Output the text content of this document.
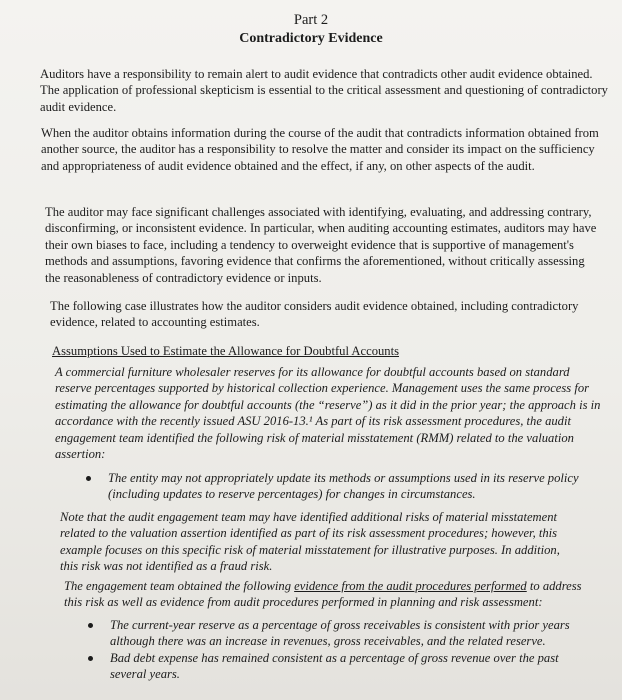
Part 2
Contradictory Evidence
Auditors have a responsibility to remain alert to audit evidence that contradicts other audit evidence obtained. The application of professional skepticism is essential to the critical assessment and questioning of contradictory audit evidence.
When the auditor obtains information during the course of the audit that contradicts information obtained from another source, the auditor has a responsibility to resolve the matter and consider its impact on the sufficiency and appropriateness of audit evidence obtained and the effect, if any, on other aspects of the audit.
The auditor may face significant challenges associated with identifying, evaluating, and addressing contrary, disconfirming, or inconsistent evidence. In particular, when auditing accounting estimates, auditors may have their own biases to face, including a tendency to overweight evidence that is supportive of management's methods and assumptions, favoring evidence that confirms the aforementioned, without critically assessing the reasonableness of contradictory evidence or inputs.
The following case illustrates how the auditor considers audit evidence obtained, including contradictory evidence, related to accounting estimates.
Assumptions Used to Estimate the Allowance for Doubtful Accounts
A commercial furniture wholesaler reserves for its allowance for doubtful accounts based on standard reserve percentages supported by historical collection experience. Management uses the same process for estimating the allowance for doubtful accounts (the “reserve”) as it did in the prior year; the approach is in accordance with the recently issued ASU 2016-13.¹ As part of its risk assessment procedures, the audit engagement team identified the following risk of material misstatement (RMM) related to the valuation assertion:
The entity may not appropriately update its methods or assumptions used in its reserve policy (including updates to reserve percentages) for changes in circumstances.
Note that the audit engagement team may have identified additional risks of material misstatement related to the valuation assertion identified as part of its risk assessment procedures; however, this example focuses on this specific risk of material misstatement for illustrative purposes. In addition, this risk was not identified as a fraud risk.
The engagement team obtained the following evidence from the audit procedures performed to address this risk as well as evidence from audit procedures performed in planning and risk assessment:
The current-year reserve as a percentage of gross receivables is consistent with prior years although there was an increase in revenues, gross receivables, and the related reserve.
Bad debt expense has remained consistent as a percentage of gross revenue over the past several years.
